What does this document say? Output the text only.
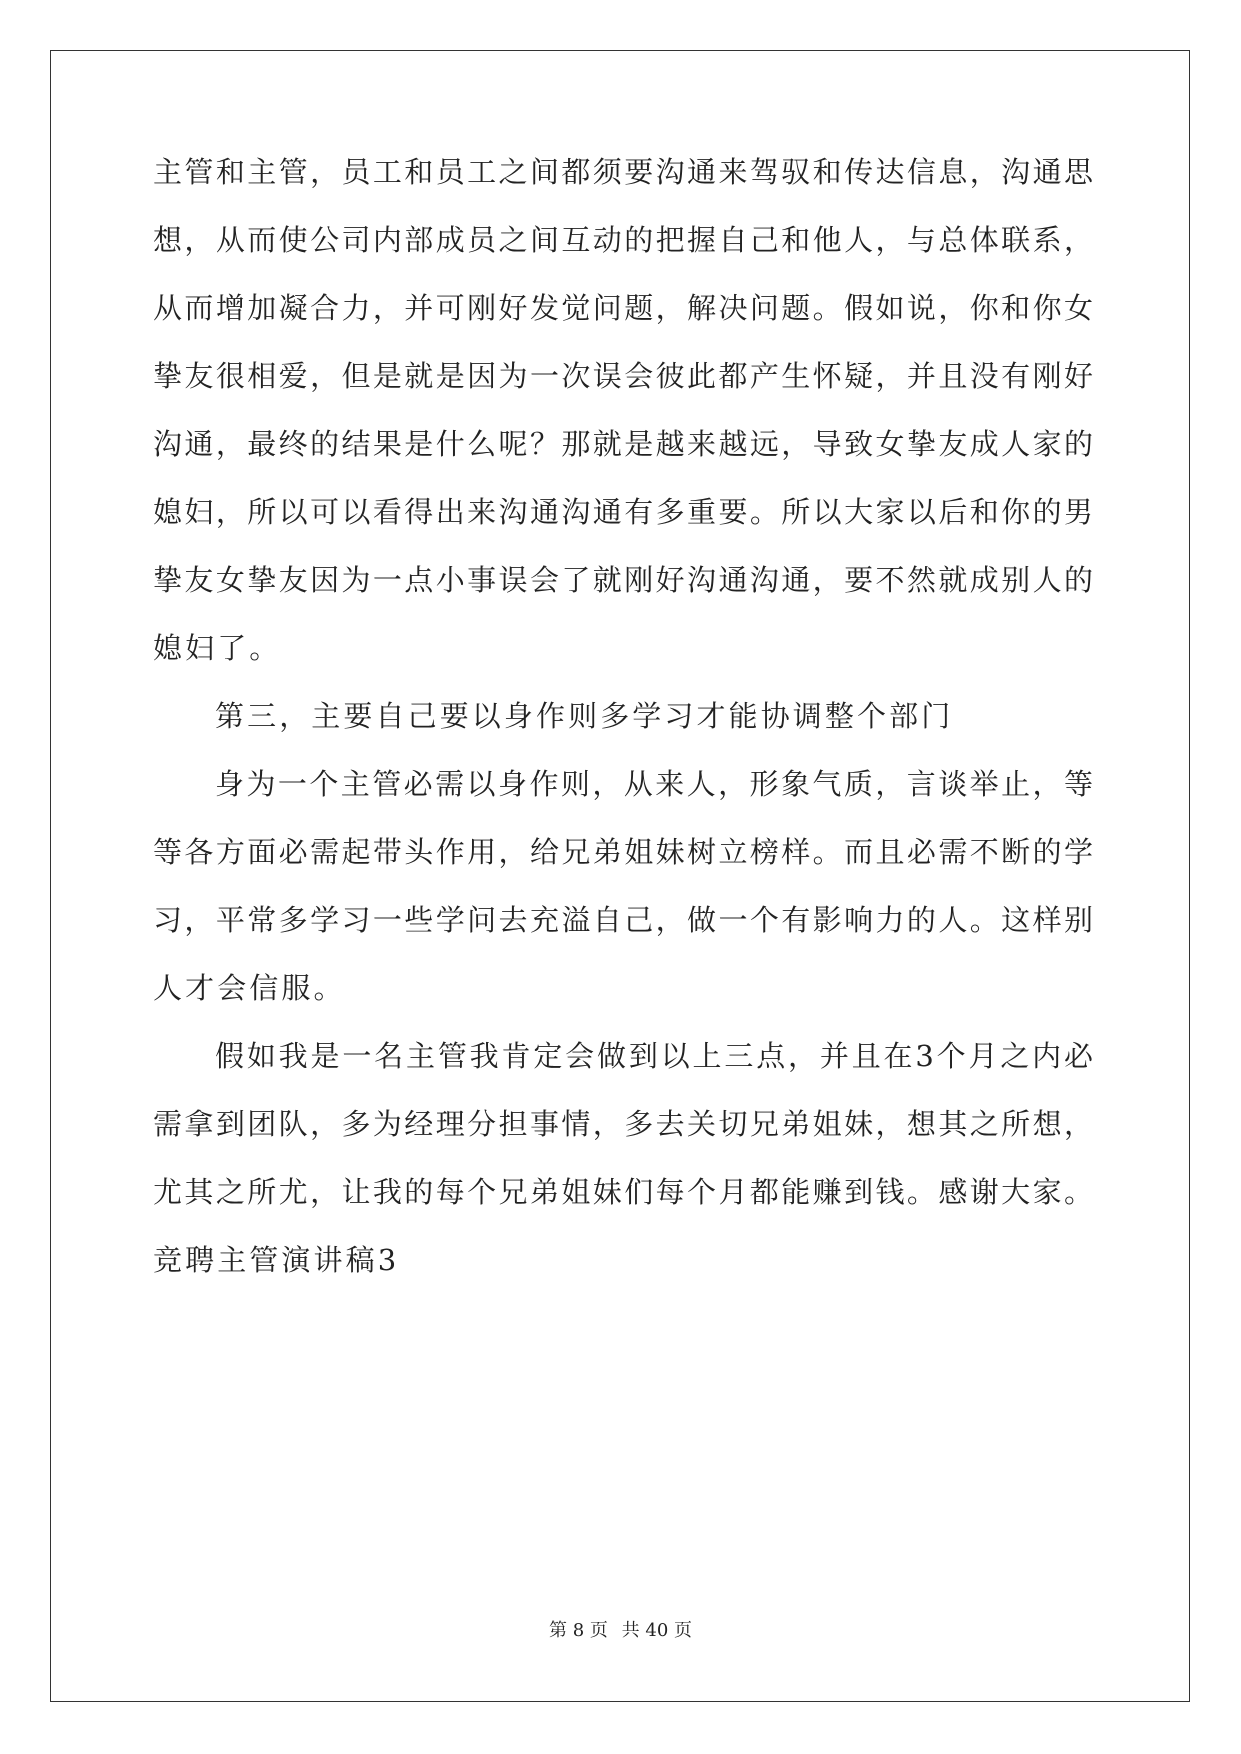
主管和主管，员工和员工之间都须要沟通来驾驭和传达信息，沟通思
想，从而使公司内部成员之间互动的把握自己和他人，与总体联系，
从而增加凝合力，并可刚好发觉问题，解决问题。假如说，你和你女
挚友很相爱，但是就是因为一次误会彼此都产生怀疑，并且没有刚好
沟通，最终的结果是什么呢？那就是越来越远，导致女挚友成人家的
媳妇，所以可以看得出来沟通沟通有多重要。所以大家以后和你的男
挚友女挚友因为一点小事误会了就刚好沟通沟通，要不然就成别人的
媳妇了。
第三，主要自己要以身作则多学习才能协调整个部门
身为一个主管必需以身作则，从来人，形象气质，言谈举止，等
等各方面必需起带头作用，给兄弟姐妹树立榜样。而且必需不断的学
习，平常多学习一些学问去充溢自己，做一个有影响力的人。这样别
人才会信服。
假如我是一名主管我肯定会做到以上三点，并且在3个月之内必
需拿到团队，多为经理分担事情，多去关切兄弟姐妹，想其之所想，
尤其之所尤，让我的每个兄弟姐妹们每个月都能赚到钱。感谢大家。
竞聘主管演讲稿3
第 8 页 共 40 页
